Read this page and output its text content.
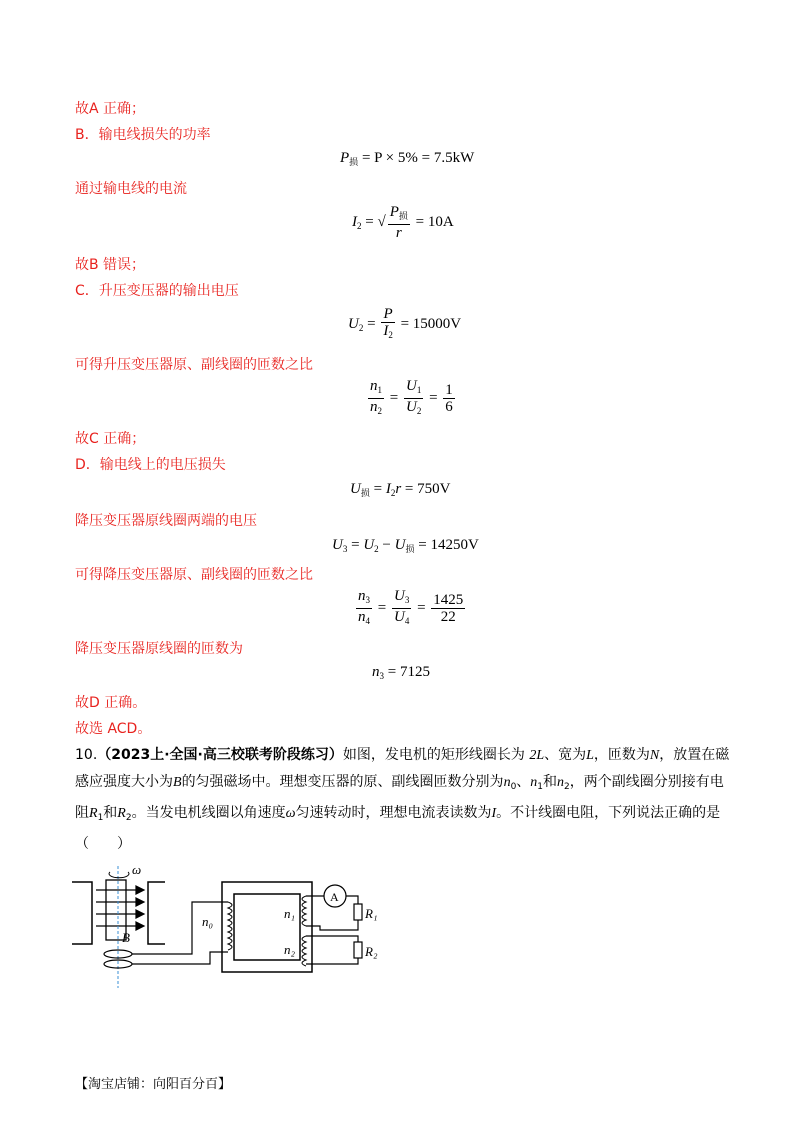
故A 正确；
B．输电线损失的功率
$P_损 = P \times 5\% = 7.5kW$
通过输电线的电流
$I_2$ = √ $\frac{P_损}{r} = 10A$
故B 错误；
C．升压变压器的输出电压
$U_2 = \frac{P}{I_2} = 15000V$
可得升压变压器原、副线圈的匝数之比
$\frac{n_1}{n_2} = \frac{U_1}{U_2} = \frac{1}{6}$
故C 正确；
D．输电线上的电压损失
$U_损 = I_2r = 750V$
降压变压器原线圈两端的电压
$U_3 = U_2 - U_损 = 14250V$
可得降压变压器原、副线圈的匝数之比
$\frac{n_3}{n_4} = \frac{U_3}{U_4} = \frac{1425}{22}$
降压变压器原线圈的匝数为
$n_3 = 7125$
故D 正确。
故选 ACD。
10.（2023上·全国·高三校联考阶段练习）如图，发电机的矩形线圈长为 2L、宽为L，匝数为N，放置在磁感应强度大小为B的匀强磁场中。理想变压器的原、副线圈匝数分别为$n_0$、$n_1$和$n_2$，两个副线圈分别接有电阻$R_1$和$R_2$。当发电机线圈以角速度ω匀速转动时，理想电流表读数为I。不计线圈电阻，下列说法正确的是（　　）
ω
B
n₀
n₁
n₂
A
R₁
R₂
【淘宝店铺：向阳百分百】
